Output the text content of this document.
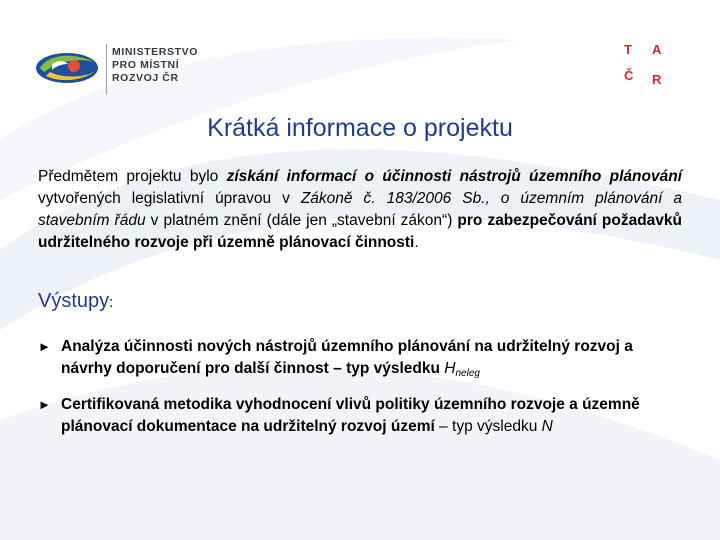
MINISTERSTVO
PRO MÍSTNÍ
ROZVOJ ČR
T A
Č R
Krátká informace o projektu
Předmětem projektu bylo získání informací o účinnosti nástrojů územního plánování vytvořených legislativní úpravou v Zákoně č. 183/2006 Sb., o územním plánování a stavebním řádu v platném znění (dále jen „stavební zákon“) pro zabezpečování požadavků udržitelného rozvoje při územně plánovací činnosti.
Výstupy:
► Analýza účinnosti nových nástrojů územního plánování na udržitelný rozvoj a návrhy doporučení pro další činnost – typ výsledku $H_{neleg}$
► Certifikovaná metodika vyhodnocení vlivů politiky územního rozvoje a územně plánovací dokumentace na udržitelný rozvoj území – typ výsledku N
